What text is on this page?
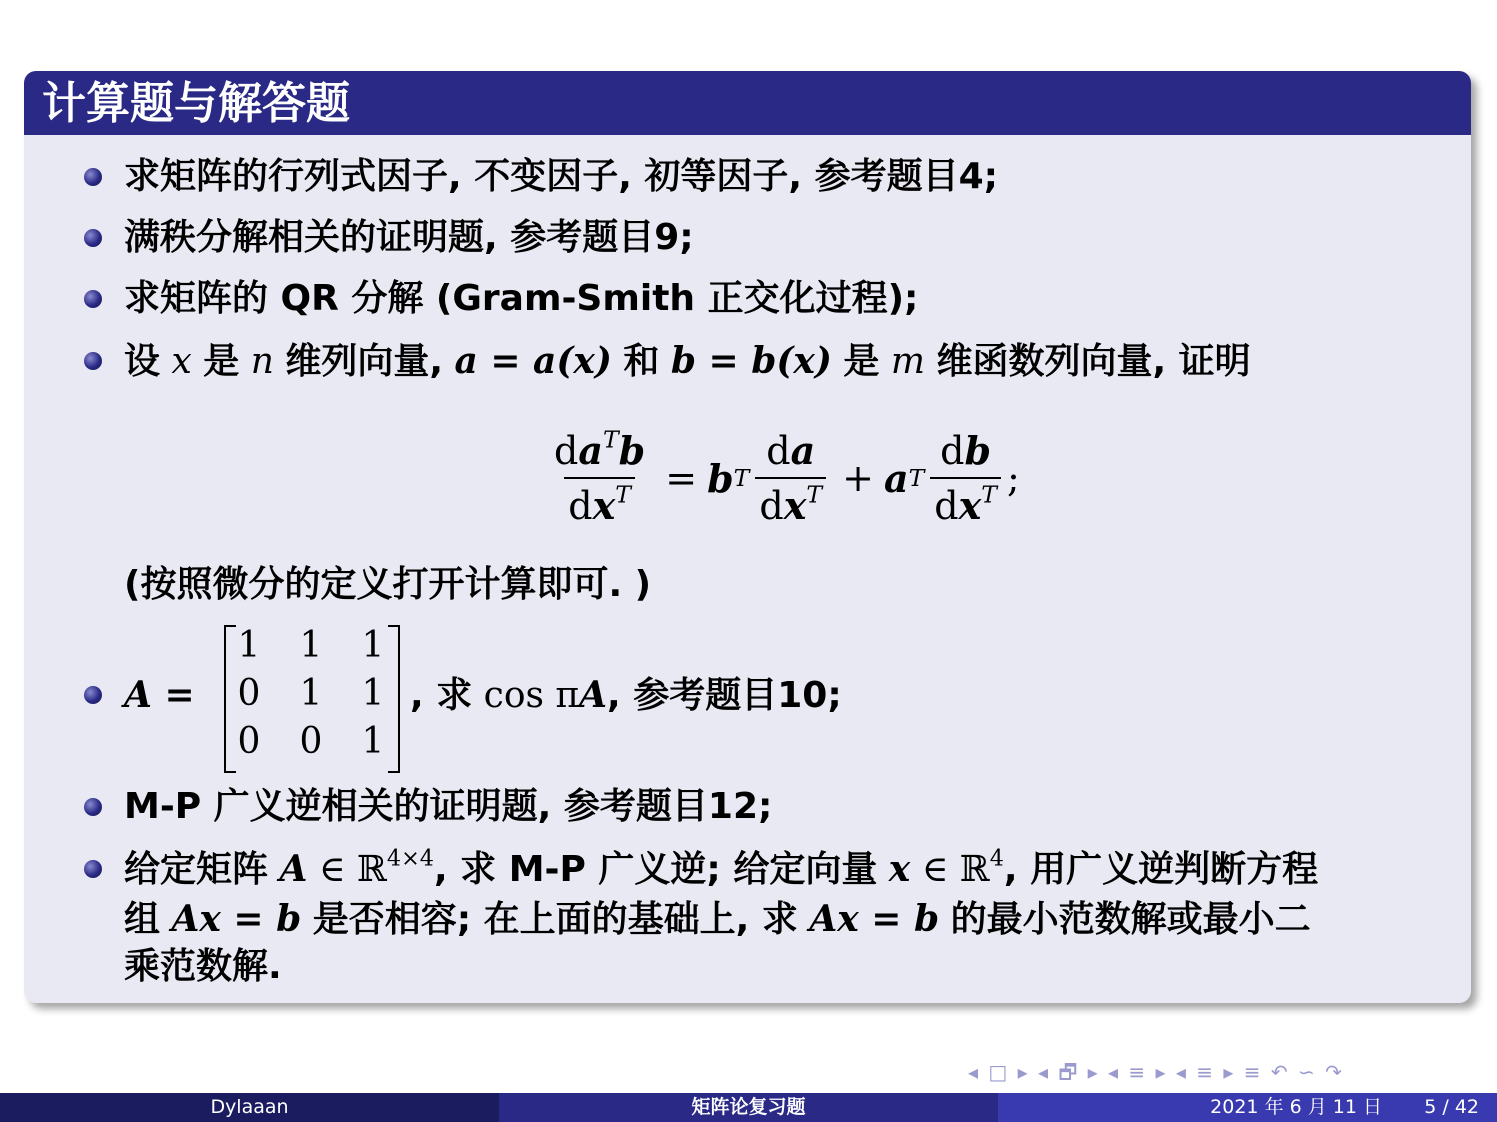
计算题与解答题
求矩阵的行列式因子, 不变因子, 初等因子, 参考题目4;
满秩分解相关的证明题, 参考题目9;
求矩阵的 QR 分解 (Gram-Smith 正交化过程);
设 x 是 n 维列向量, a = a(x) 和 b = b(x) 是 m 维函数列向量, 证明
$\frac{da^Tb}{dx^T} = b$ T $\frac{da}{dx^T} + a$ T $\frac{db}{dx^T}$ ;
(按照微分的定义打开计算即可. )
A =
1 1 1
0 1 1
0 0 1
, 求 cos πA, 参考题目10;
M-P 广义逆相关的证明题, 参考题目12;
给定矩阵 A ∈ ℝ$^{4\times 4}$, 求 M-P 广义逆; 给定向量 x ∈ ℝ$^4$, 用广义逆判断方程
组 Ax = b 是否相容; 在上面的基础上, 求 Ax = b 的最小范数解或最小二
乘范数解.
◂ □ ▸ ◂ 🗗 ▸ ◂ ≡ ▸ ◂ ≡ ▸ ≡ ↶ ∽ ↷
Dylaaan	矩阵论复习题	2021 年 6 月 11 日 5 / 42
